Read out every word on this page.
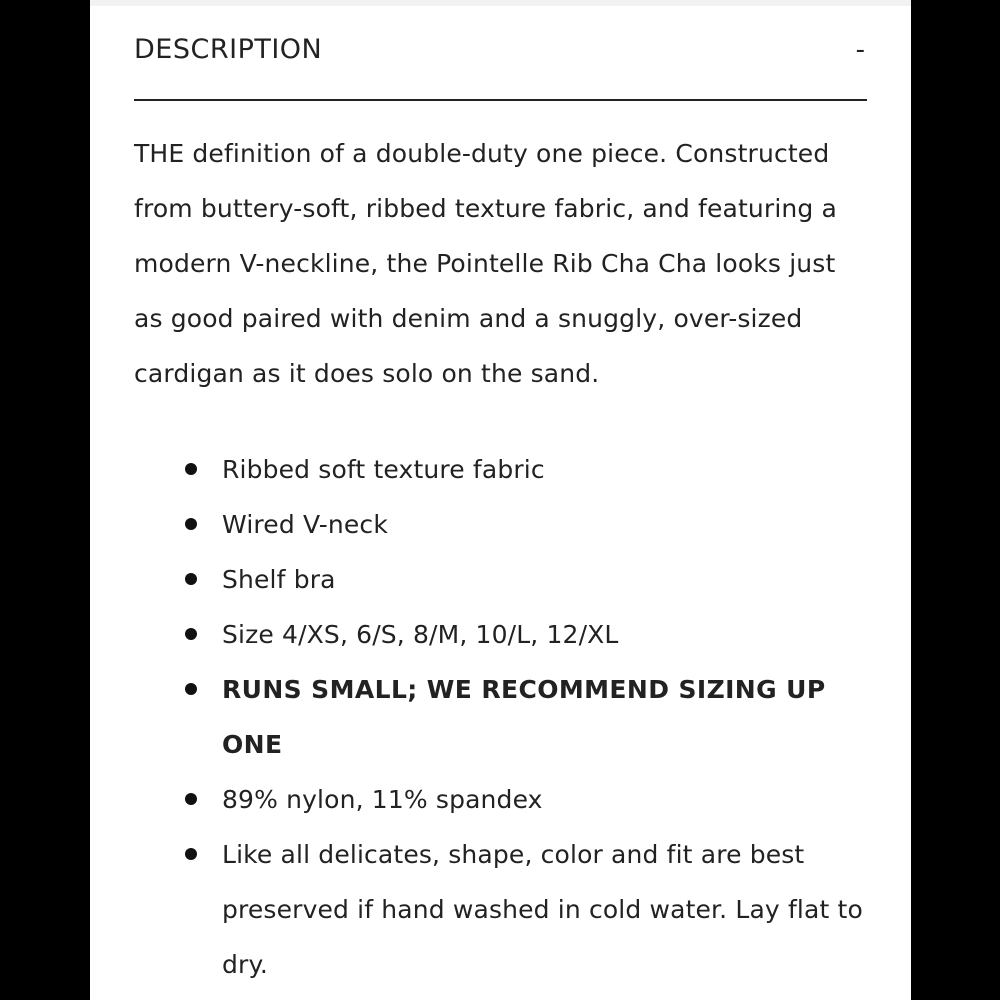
DESCRIPTION	-

THE definition of a double-duty one piece. Constructed from buttery-soft, ribbed texture fabric, and featuring a modern V-neckline, the Pointelle Rib Cha Cha looks just as good paired with denim and a snuggly, over-sized cardigan as it does solo on the sand.

Ribbed soft texture fabric
Wired V-neck
Shelf bra
Size 4/XS, 6/S, 8/M, 10/L, 12/XL
RUNS SMALL; WE RECOMMEND SIZING UP ONE
89% nylon, 11% spandex
Like all delicates, shape, color and fit are best preserved if hand washed in cold water. Lay flat to dry.
